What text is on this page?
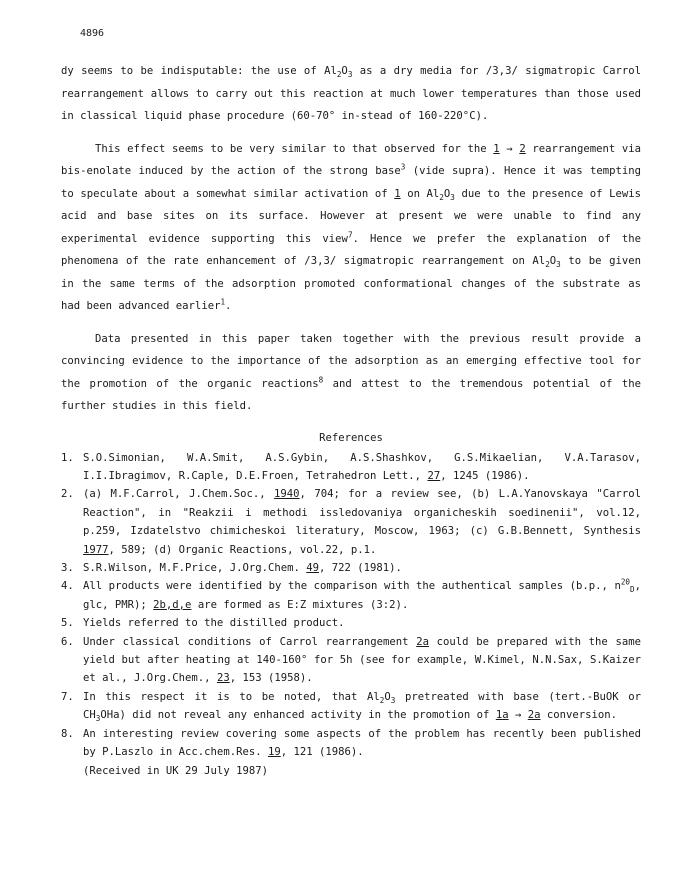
4896

dy seems to be indisputable: the use of $Al_2O_3$ as a dry media for /3,3/ sigmatropic Carrol rearrangement allows to carry out this reaction at much lower temperatures than those used in classical liquid phase procedure (60-70° in-stead of 160-220°C).

This effect seems to be very similar to that observed for the 1 → 2 rearrangement via bis-enolate induced by the action of the strong base$^3$ (vide supra). Hence it was tempting to speculate about a somewhat similar activation of 1 on $Al_2O_3$ due to the presence of Lewis acid and base sites on its surface. However at present we were unable to find any experimental evidence supporting this view$^7$. Hence we prefer the explanation of the phenomena of the rate enhancement of /3,3/ sigmatropic rearrangement on $Al_2O_3$ to be given in the same terms of the adsorption promoted conformational changes of the substrate as had been advanced earlier$^1$.

Data presented in this paper taken together with the previous result provide a convincing evidence to the importance of the adsorption as an emerging effective tool for the promotion of the organic reactions$^8$ and attest to the tremendous potential of the further studies in this field.

References
1. S.O.Simonian, W.A.Smit, A.S.Gybin, A.S.Shashkov, G.S.Mikaelian, V.A.Tarasov, I.I.Ibragimov, R.Caple, D.E.Froen, Tetrahedron Lett., 27, 1245 (1986).
2. (a) M.F.Carrol, J.Chem.Soc., 1940, 704; for a review see, (b) L.A.Yanovskaya "Carrol Reaction", in "Reakzii i methodi issledovaniya organicheskih soedinenii", vol.12, p.259, Izdatelstvo chimicheskoi literatury, Moscow, 1963; (c) G.B.Bennett, Synthesis 1977, 589; (d) Organic Reactions, vol.22, p.1.
3. S.R.Wilson, M.F.Price, J.Org.Chem. 49, 722 (1981).
4. All products were identified by the comparison with the authentical samples (b.p., $n^{20}_D$, glc, PMR); 2b,d,e are formed as E:Z mixtures (3:2).
5. Yields referred to the distilled product.
6. Under classical conditions of Carrol rearrangement 2a could be prepared with the same yield but after heating at 140-160° for 5h (see for example, W.Kimel, N.N.Sax, S.Kaizer et al., J.Org.Chem., 23, 153 (1958).
7. In this respect it is to be noted, that $Al_2O_3$ pretreated with base (tert.-BuOK or $CH_3OHa$) did not reveal any enhanced activity in the promotion of 1a → 2a conversion.
8. An interesting review covering some aspects of the problem has recently been published by P.Laszlo in Acc.chem.Res. 19, 121 (1986).
(Received in UK 29 July 1987)
